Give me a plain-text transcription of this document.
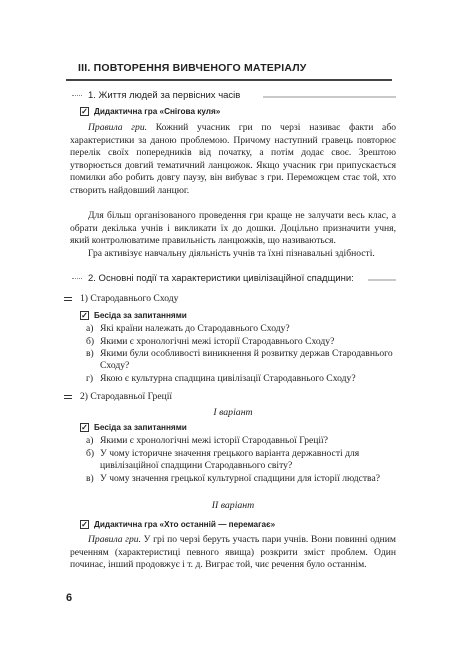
ІІІ. ПОВТОРЕННЯ ВИВЧЕНОГО МАТЕРІАЛУ
1. Життя людей за первісних часів
✓ Дидактична гра «Снігова куля»
Правила гри. Кожний учасник гри по черзі називає факти або характеристики за даною проблемою. Причому наступний гравець повторює перелік своїх попередників від початку, а потім додає своє. Зрештою утворюється довгий тематичний ланцюжок. Якщо учасник гри припускається помилки або робить довгу паузу, він вибуває з гри. Переможцем стає той, хто створить найдовший ланцюг.
Для більш організованого проведення гри краще не залучати весь клас, а обрати декілька учнів і викликати їх до дошки. Доцільно призначити учня, який контролюватиме правильність ланцюжків, що називаються.
Гра активізує навчальну діяльність учнів та їхні пізнавальні здібності.
2. Основні події та характеристики цивілізаційної спадщини:
1) Стародавнього Сходу
✓ Бесіда за запитаннями
а) Які країни належать до Стародавнього Сходу?
б) Якими є хронологічні межі історії Стародавнього Сходу?
в) Якими були особливості виникнення й розвитку держав Стародавнього Сходу?
г) Якою є культурна спадщина цивілізації Стародавнього Сходу?
2) Стародавньої Греції
І варіант
✓ Бесіда за запитаннями
а) Якими є хронологічні межі історії Стародавньої Греції?
б) У чому історичне значення грецького варіанта державності для цивілізаційної спадщини Стародавнього світу?
в) У чому значення грецької культурної спадщини для історії людства?
ІІ варіант
✓ Дидактична гра «Хто останній — перемагає»
Правила гри. У грі по черзі беруть участь пари учнів. Вони повинні одним реченням (характеристиці певного явища) розкрити зміст проблем. Один починає, інший продовжує і т. д. Виграє той, чиє речення було останнім.
6
